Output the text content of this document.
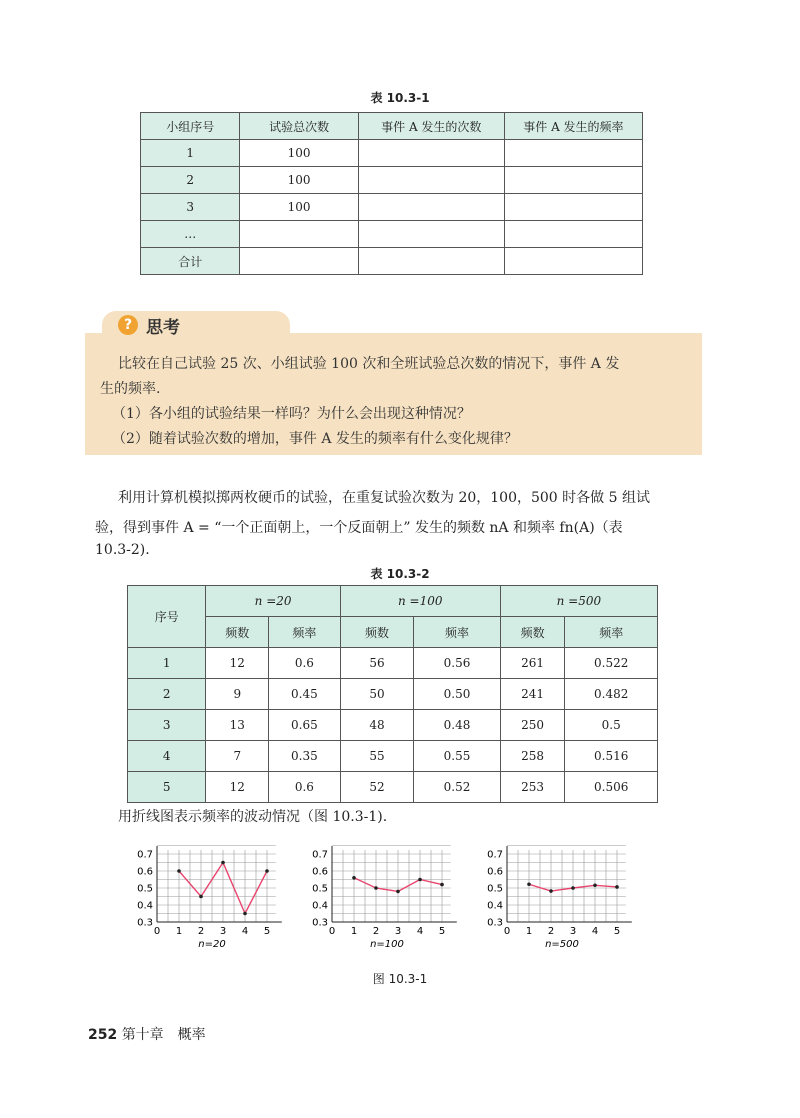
表 10.3-1
小组序号	试验总次数	事件 A 发生的次数	事件 A 发生的频率
1	100		
2	100		
3	100		
…			
合计			
? 思考
比较在自己试验 25 次、小组试验 100 次和全班试验总次数的情况下，事件 A 发
生的频率.
（1）各小组的试验结果一样吗？为什么会出现这种情况？
（2）随着试验次数的增加，事件 A 发生的频率有什么变化规律？
利用计算机模拟掷两枚硬币的试验，在重复试验次数为 20，100，500 时各做 5 组试
验，得到事件 A = “一个正面朝上，一个反面朝上” 发生的频数 nA 和频率 fn(A)（表
10.3-2).
表 10.3-2
序号	n =20		n =100		n =500	
	频数	频率	频数	频率	频数	频率
1	12	0.6	56	0.56	261	0.522
2	9	0.45	50	0.50	241	0.482
3	13	0.65	48	0.48	250	0.5
4	7	0.35	55	0.55	258	0.516
5	12	0.6	52	0.52	253	0.506
用折线图表示频率的波动情况（图 10.3-1).
0 1 2 3 4 5
0.3
0.4
0.5
0.6
0.7
n=20
0 1 2 3 4 5
0.3
0.4
0.5
0.6
0.7
n=100
0 1 2 3 4 5
0.3
0.4
0.5
0.6
0.7
n=500
图 10.3-1
252 第十章　概率
